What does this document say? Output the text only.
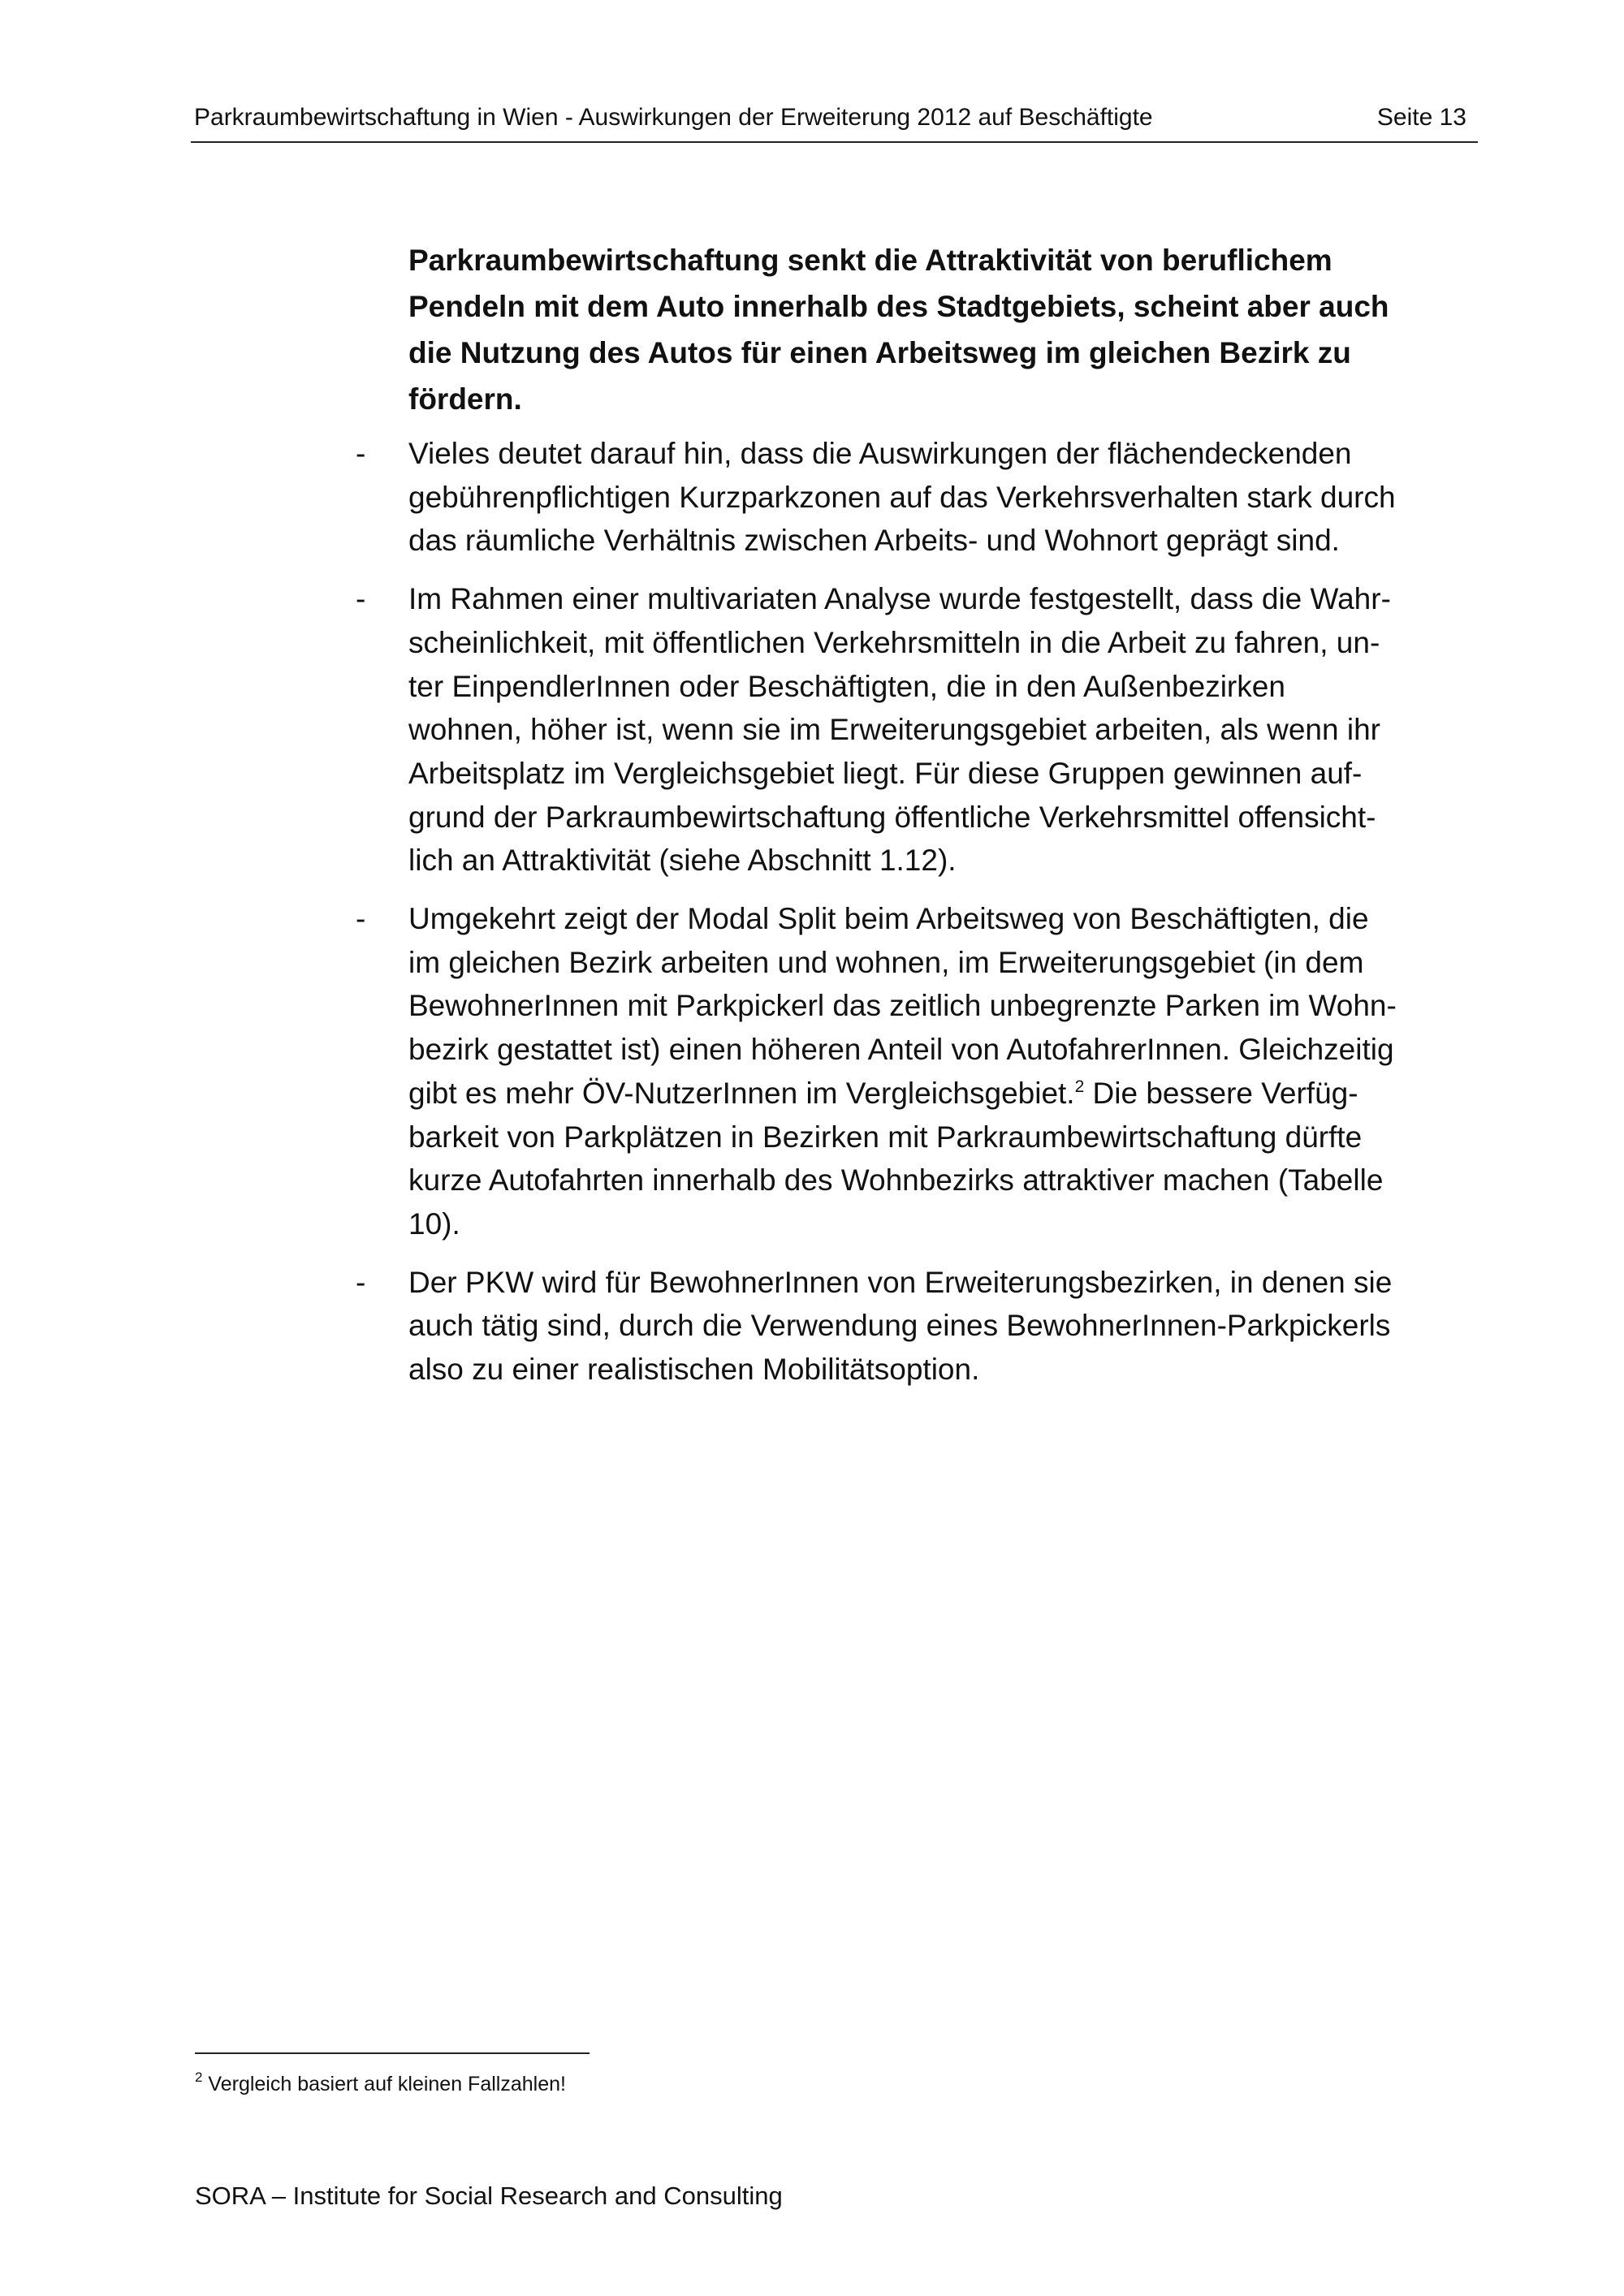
Parkraumbewirtschaftung in Wien - Auswirkungen der Erweiterung 2012 auf Beschäftigte	Seite 13

Parkraumbewirtschaftung senkt die Attraktivität von beruflichem
Pendeln mit dem Auto innerhalb des Stadtgebiets, scheint aber auch
die Nutzung des Autos für einen Arbeitsweg im gleichen Bezirk zu
fördern.

- Vieles deutet darauf hin, dass die Auswirkungen der flächendeckenden
gebührenpflichtigen Kurzparkzonen auf das Verkehrsverhalten stark durch
das räumliche Verhältnis zwischen Arbeits- und Wohnort geprägt sind.
- Im Rahmen einer multivariaten Analyse wurde festgestellt, dass die Wahr-
scheinlichkeit, mit öffentlichen Verkehrsmitteln in die Arbeit zu fahren, un-
ter EinpendlerInnen oder Beschäftigten, die in den Außenbezirken
wohnen, höher ist, wenn sie im Erweiterungsgebiet arbeiten, als wenn ihr
Arbeitsplatz im Vergleichsgebiet liegt. Für diese Gruppen gewinnen auf-
grund der Parkraumbewirtschaftung öffentliche Verkehrsmittel offensicht-
lich an Attraktivität (siehe Abschnitt 1.12).
- Umgekehrt zeigt der Modal Split beim Arbeitsweg von Beschäftigten, die
im gleichen Bezirk arbeiten und wohnen, im Erweiterungsgebiet (in dem
BewohnerInnen mit Parkpickerl das zeitlich unbegrenzte Parken im Wohn-
bezirk gestattet ist) einen höheren Anteil von AutofahrerInnen. Gleichzeitig
gibt es mehr ÖV-NutzerInnen im Vergleichsgebiet.$^2$ Die bessere Verfüg-
barkeit von Parkplätzen in Bezirken mit Parkraumbewirtschaftung dürfte
kurze Autofahrten innerhalb des Wohnbezirks attraktiver machen (Tabelle
10).
- Der PKW wird für BewohnerInnen von Erweiterungsbezirken, in denen sie
auch tätig sind, durch die Verwendung eines BewohnerInnen-Parkpickerls
also zu einer realistischen Mobilitätsoption.
$^2$ Vergleich basiert auf kleinen Fallzahlen!
SORA – Institute for Social Research and Consulting
